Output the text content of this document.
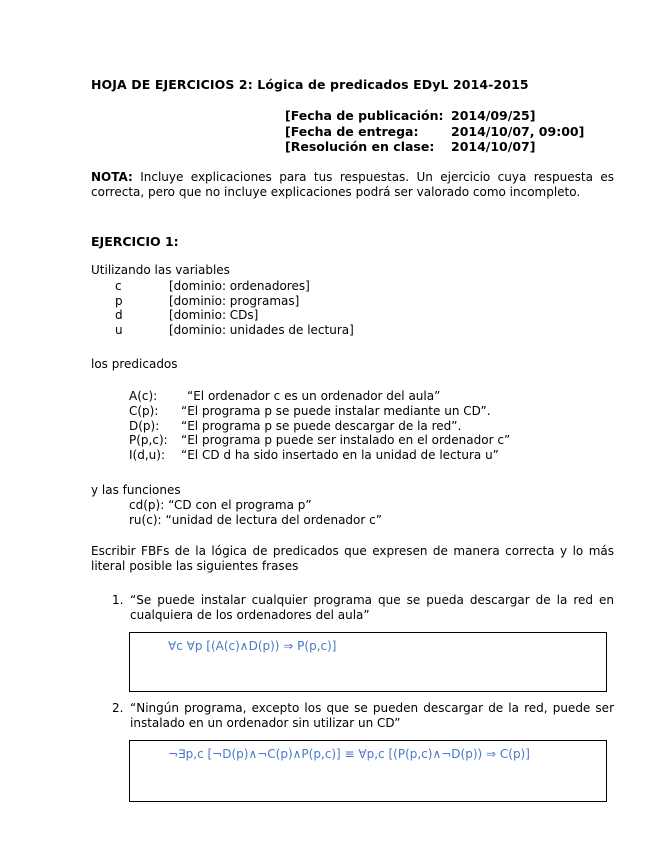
HOJA DE EJERCICIOS 2: Lógica de predicados EDyL 2014-2015
[Fecha de publicación: 2014/09/25]
[Fecha de entrega:	2014/10/07, 09:00]
[Resolución en clase:	2014/10/07]
NOTA: Incluye explicaciones para tus respuestas. Un ejercicio cuya respuesta es correcta, pero que no incluye explicaciones podrá ser valorado como incompleto.
EJERCICIO 1:
Utilizando las variables
c	[dominio: ordenadores]
p	[dominio: programas]
d	[dominio: CDs]
u	[dominio: unidades de lectura]
los predicados
A(c):	“El ordenador c es un ordenador del aula”
C(p):	“El programa p se puede instalar mediante un CD”.
D(p):	“El programa p se puede descargar de la red”.
P(p,c):	“El programa p puede ser instalado en el ordenador c”
I(d,u):	“El CD d ha sido insertado en la unidad de lectura u”
y las funciones
cd(p): “CD con el programa p”
ru(c): “unidad de lectura del ordenador c”
Escribir FBFs de la lógica de predicados que expresen de manera correcta y lo más literal posible las siguientes frases
1. “Se puede instalar cualquier programa que se pueda descargar de la red en cualquiera de los ordenadores del aula”
∀c ∀p [(A(c)∧D(p)) ⇒ P(p,c)]
2. “Ningún programa, excepto los que se pueden descargar de la red, puede ser instalado en un ordenador sin utilizar un CD”
¬∃p,c [¬D(p)∧¬C(p)∧P(p,c)] ≡ ∀p,c [(P(p,c)∧¬D(p)) ⇒ C(p)]
